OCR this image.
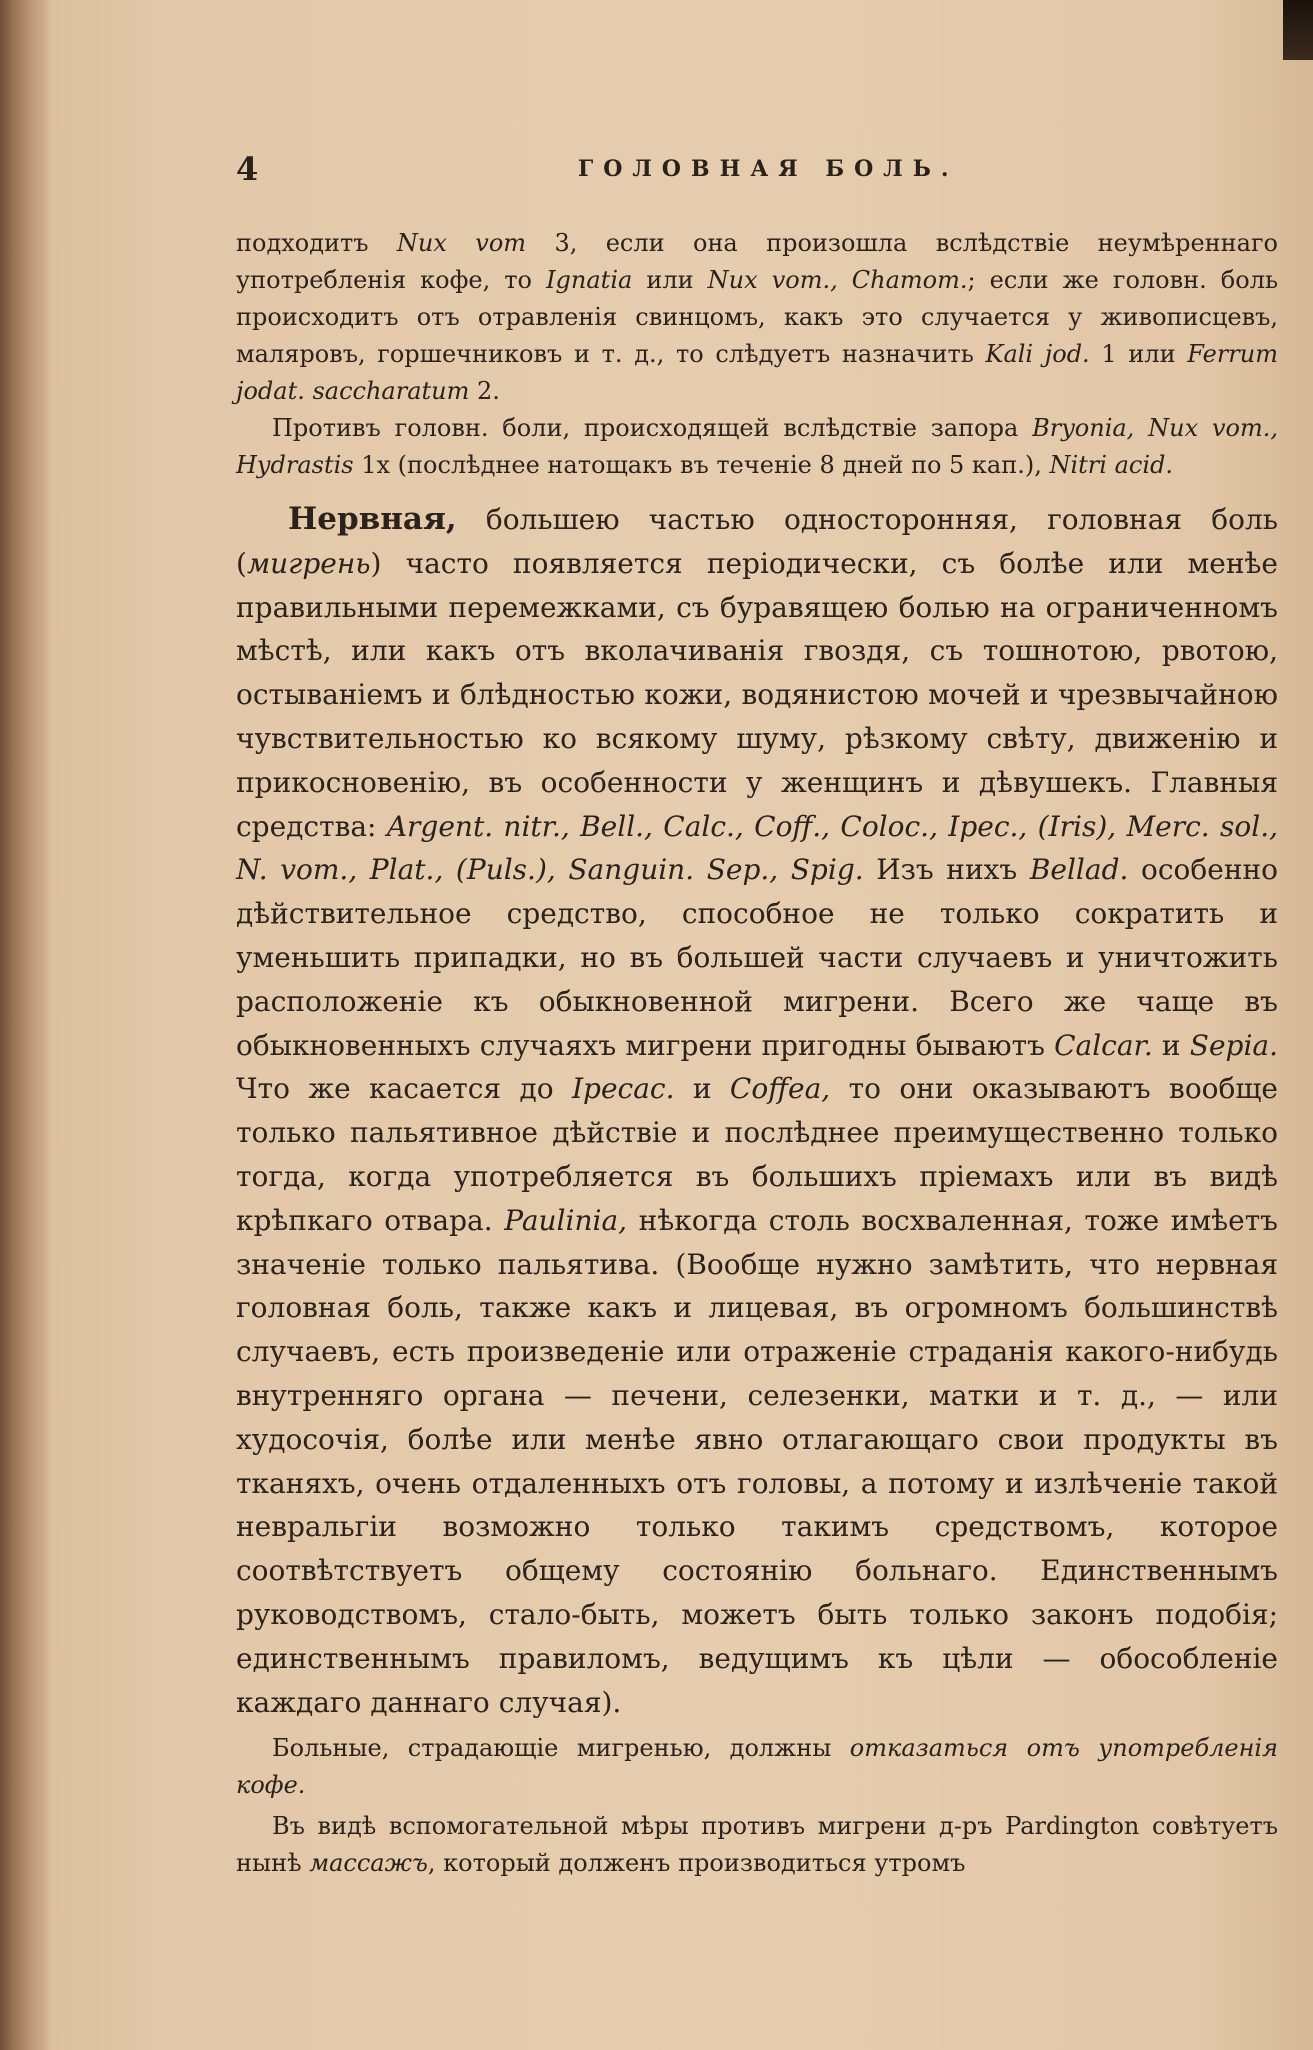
4	ГОЛОВНАЯ БОЛЬ.

подходитъ Nux vom 3, если она произошла вслѣдствіе неумѣреннаго употребленія кофе, то Ignatia или Nux vom., Chamom.; если же головн. боль происходитъ отъ отравленія свинцомъ, какъ это случается у живописцевъ, маляровъ, горшечниковъ и т. д., то слѣдуетъ назначить Kali jod. 1 или Ferrum jodat. saccharatum 2.

Противъ головн. боли, происходящей вслѣдствіе запора Bryonia, Nux vom., Hydrastis 1x (послѣднее натощакъ въ теченіе 8 дней по 5 кап.), Nitri acid.

Нервная, большею частью односторонняя, головная боль (мигрень) часто появляется періодически, съ болѣе или менѣе правильными перемежками, съ буравящею болью на ограниченномъ мѣстѣ, или какъ отъ вколачиванія гвоздя, съ тошнотою, рвотою, остываніемъ и блѣдностью кожи, водянистою мочей и чрезвычайною чувствительностью ко всякому шуму, рѣзкому свѣту, движенію и прикосновенію, въ особенности у женщинъ и дѣвушекъ. Главныя средства: Argent. nitr., Bell., Calc., Coff., Coloc., Ipec., (Iris), Merc. sol., N. vom., Plat., (Puls.), Sanguin. Sep., Spig. Изъ нихъ Bellad. особенно дѣйствительное средство, способное не только сократить и уменьшить припадки, но въ большей части случаевъ и уничтожить расположеніе къ обыкновенной мигрени. Всего же чаще въ обыкновенныхъ случаяхъ мигрени пригодны бываютъ Calcar. и Sepia. Что же касается до Ipecac. и Coffea, то они оказываютъ вообще только пальятивное дѣйствіе и послѣднее преимущественно только тогда, когда употребляется въ большихъ пріемахъ или въ видѣ крѣпкаго отвара. Paulinia, нѣкогда столь восхваленная, тоже имѣетъ значеніе только пальятива. (Вообще нужно замѣтить, что нервная головная боль, также какъ и лицевая, въ огромномъ большинствѣ случаевъ, есть произведеніе или отраженіе страданія какого-нибудь внутренняго органа — печени, селезенки, матки и т. д., — или худосочія, болѣе или менѣе явно отлагающаго свои продукты въ тканяхъ, очень отдаленныхъ отъ головы, а потому и излѣченіе такой невральгіи возможно только такимъ средствомъ, которое соотвѣтствуетъ общему состоянію больнаго. Единственнымъ руководствомъ, стало-быть, можетъ быть только законъ подобія; единственнымъ правиломъ, ведущимъ къ цѣли — обособленіе каждаго даннаго случая).

Больные, страдающіе мигренью, должны отказаться отъ употребленія кофе.

Въ видѣ вспомогательной мѣры противъ мигрени д-ръ Pardington совѣтуетъ нынѣ массажъ, который долженъ производиться утромъ
